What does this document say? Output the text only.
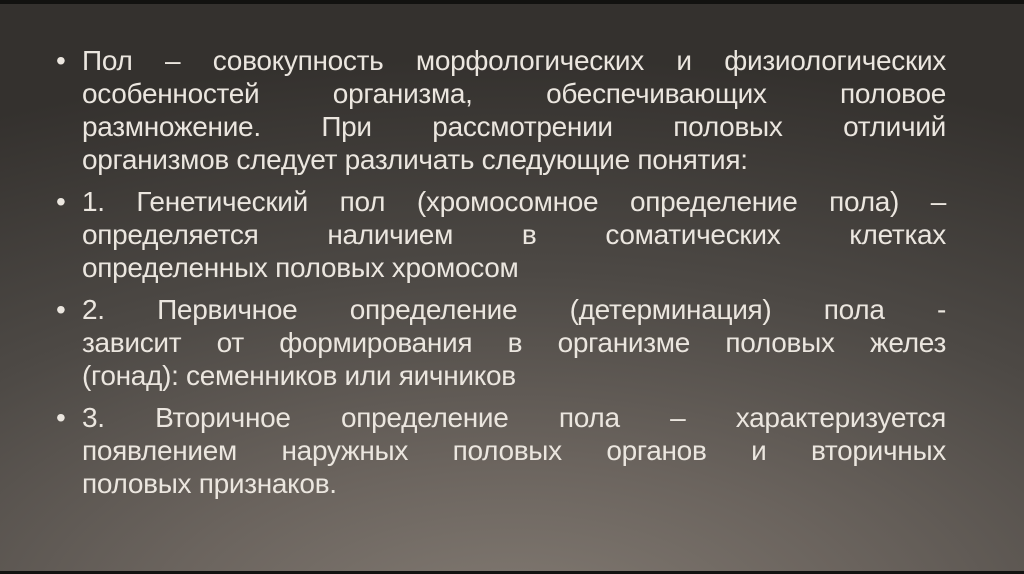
• Пол – совокупность морфологических и физиологических
особенностей организма, обеспечивающих половое
размножение. При рассмотрении половых отличий
организмов следует различать следующие понятия:
• 1. Генетический пол (хромосомное определение пола) –
определяется наличием в соматических клетках
определенных половых хромосом
• 2. Первичное определение (детерминация) пола -
зависит от формирования в организме половых желез
(гонад): семенников или яичников
• 3. Вторичное определение пола – характеризуется
появлением наружных половых органов и вторичных
половых признаков.
